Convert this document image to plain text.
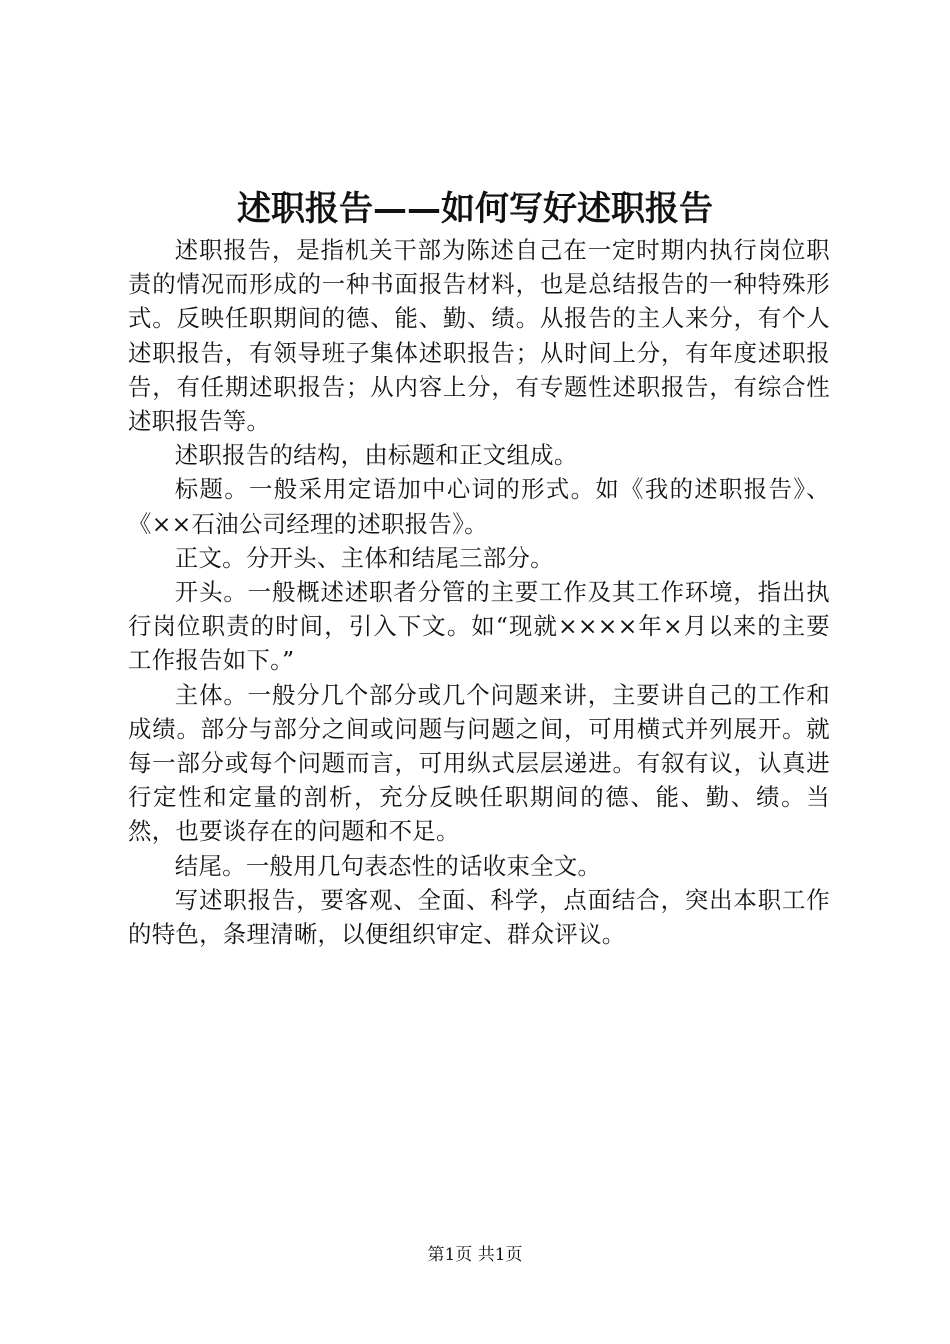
述职报告——如何写好述职报告

述职报告，是指机关干部为陈述自己在一定时期内执行岗位职责的情况而形成的一种书面报告材料，也是总结报告的一种特殊形式。反映任职期间的德、能、勤、绩。从报告的主人来分，有个人述职报告，有领导班子集体述职报告；从时间上分，有年度述职报告，有任期述职报告；从内容上分，有专题性述职报告，有综合性述职报告等。

述职报告的结构，由标题和正文组成。

标题。一般采用定语加中心词的形式。如《我的述职报告》、《××石油公司经理的述职报告》。

正文。分开头、主体和结尾三部分。

开头。一般概述述职者分管的主要工作及其工作环境，指出执行岗位职责的时间，引入下文。如“现就××××年×月以来的主要工作报告如下。”

主体。一般分几个部分或几个问题来讲，主要讲自己的工作和成绩。部分与部分之间或问题与问题之间，可用横式并列展开。就每一部分或每个问题而言，可用纵式层层递进。有叙有议，认真进行定性和定量的剖析，充分反映任职期间的德、能、勤、绩。当然，也要谈存在的问题和不足。

结尾。一般用几句表态性的话收束全文。

写述职报告，要客观、全面、科学，点面结合，突出本职工作的特色，条理清晰，以便组织审定、群众评议。

第1页 共1页
